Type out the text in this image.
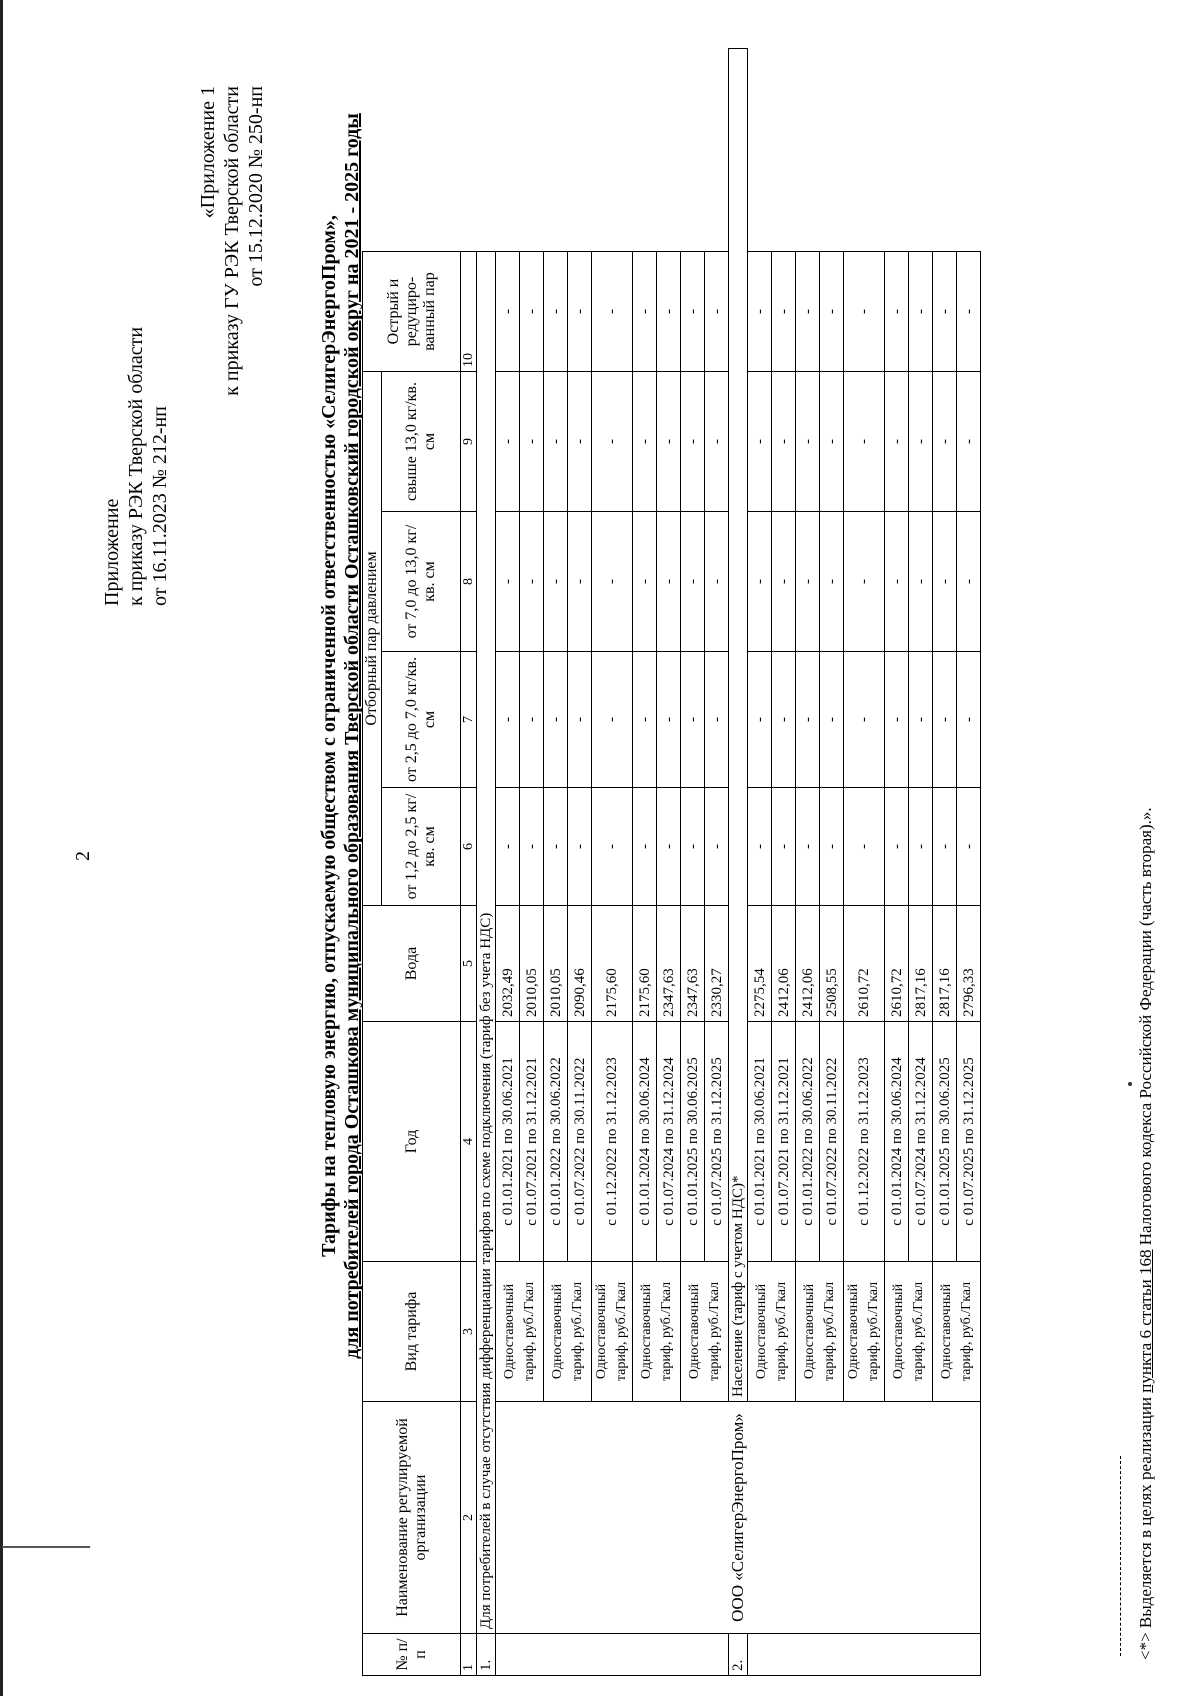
2
Приложение к приказу РЭК Тверской области от 16.11.2023 № 212-нп
«Приложение 1 к приказу ГУ РЭК Тверской области от 15.12.2020 № 250-нп
Тарифы на тепловую энергию, отпускаемую обществом с ограниченной ответственностью «СелигерЭнергоПром», для потребителей города Осташкова муниципального образования Тверской области Осташковский городской округ на 2021 - 2025 годы
№ п/ п	Наименование регулируемой организации	Вид тарифа	Год	Вода	Отборный пар давлением				Острый и редуциро-ванный пар
					от 1,2 до 2,5 кг/кв. см	от 2,5 до 7,0 кг/кв. см	от 7,0 до 13,0 кг/кв. см	свыше 13,0 кг/кв. см	
1	2	3	4	5	6	7	8	9	10
1.	Для потребителей в случае отсутствия дифференциации тарифов по схеме подключения (тариф без учета НДС)								
	ООО «СелигерЭнергоПром»	Одноставочный тариф, руб./Гкал	с 01.01.2021 по 30.06.2021	2032,49	-	-	-	-	-
			с 01.07.2021 по 31.12.2021	2010,05	-	-	-	-	-
		Одноставочный тариф, руб./Гкал	с 01.01.2022 по 30.06.2022	2010,05	-	-	-	-	-
			с 01.07.2022 по 30.11.2022	2090,46	-	-	-	-	-
		Одноставочный тариф, руб./Гкал	с 01.12.2022 по 31.12.2023	2175,60	-	-	-	-	-
		Одноставочный тариф, руб./Гкал	с 01.01.2024 по 30.06.2024	2175,60	-	-	-	-	-
			с 01.07.2024 по 31.12.2024	2347,63	-	-	-	-	-
		Одноставочный тариф, руб./Гкал	с 01.01.2025 по 30.06.2025	2347,63	-	-	-	-	-
			с 01.07.2025 по 31.12.2025	2330,27	-	-	-	-	-
2.		Население (тариф с учетом НДС)*							
		Одноставочный тариф, руб./Гкал	с 01.01.2021 по 30.06.2021	2275,54	-	-	-	-	-
			с 01.07.2021 по 31.12.2021	2412,06	-	-	-	-	-
		Одноставочный тариф, руб./Гкал	с 01.01.2022 по 30.06.2022	2412,06	-	-	-	-	-
			с 01.07.2022 по 30.11.2022	2508,55	-	-	-	-	-
		Одноставочный тариф, руб./Гкал	с 01.12.2022 по 31.12.2023	2610,72	-	-	-	-	-
		Одноставочный тариф, руб./Гкал	с 01.01.2024 по 30.06.2024	2610,72	-	-	-	-	-
			с 01.07.2024 по 31.12.2024	2817,16	-	-	-	-	-
		Одноставочный тариф, руб./Гкал	с 01.01.2025 по 30.06.2025	2817,16	-	-	-	-	-
			с 01.07.2025 по 31.12.2025	2796,33	-	-	-	-	-
<*> Выделяется в целях реализации пункта 6 статьи 168 Налогового кодекса Российской Федерации (часть вторая).».
